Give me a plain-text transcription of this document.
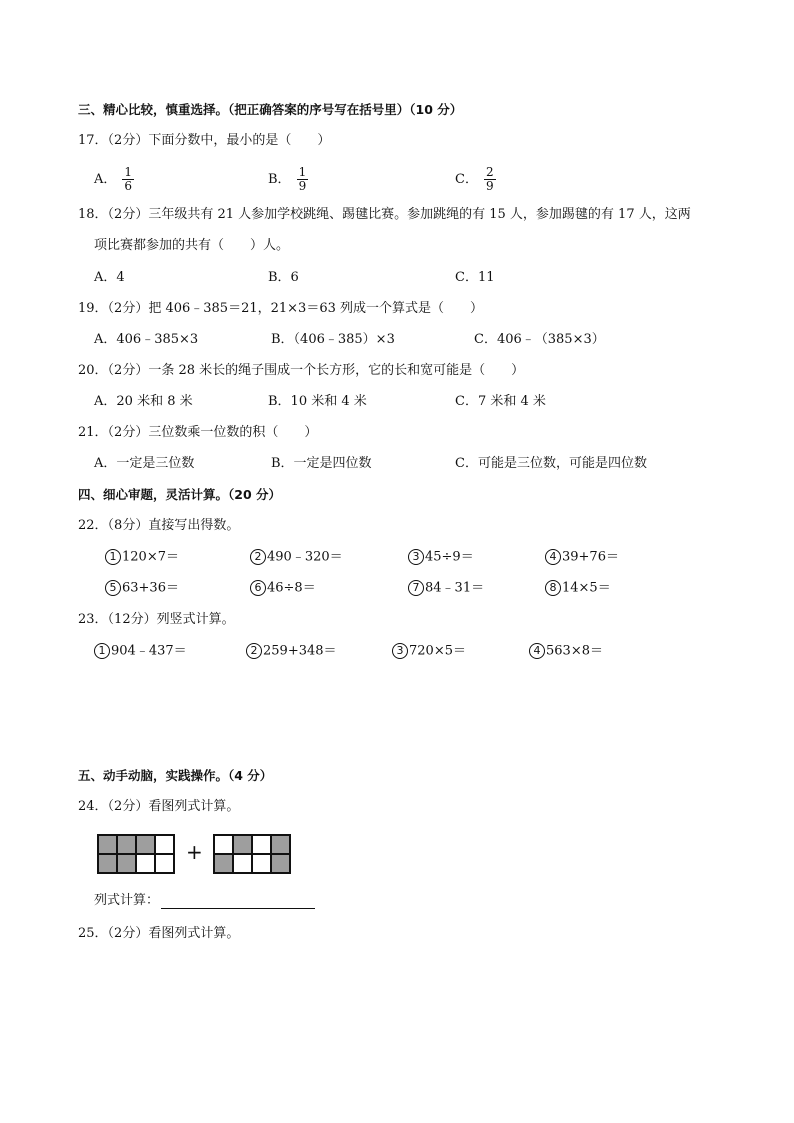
三、精心比较，慎重选择。（把正确答案的序号写在括号里）（10 分）
17．（2分）下面分数中，最小的是（　　）
A． $\frac{1}{6}$	B． $\frac{1}{9}$	C． $\frac{2}{9}$
18．（2分）三年级共有 21 人参加学校跳绳、踢毽比赛。参加跳绳的有 15 人，参加踢毽的有 17 人，这两
项比赛都参加的共有（　　）人。
A．4	B．6	C．11
19．（2分）把 406﹣385＝21，21×3＝63 列成一个算式是（　　）
A．406﹣385×3	B．（406﹣385）×3	C．406﹣（385×3）
20．（2分）一条 28 米长的绳子围成一个长方形，它的长和宽可能是（　　）
A．20 米和 8 米	B．10 米和 4 米	C．7 米和 4 米
21．（2分）三位数乘一位数的积（　　）
A．一定是三位数	B．一定是四位数	C．可能是三位数，可能是四位数
四、细心审题，灵活计算。（20 分）
22．（8分）直接写出得数。
1 120×7＝	2 490﹣320＝	3 45÷9＝	4 39+76＝
5 63+36＝	6 46÷8＝	7 84﹣31＝	8 14×5＝
23．（12分）列竖式计算。
1 904﹣437＝	2 259+348＝	3 720×5＝	4 563×8＝
五、动手动脑，实践操作。（4 分）
24．（2分）看图列式计算。
+
列式计算：
25．（2分）看图列式计算。
